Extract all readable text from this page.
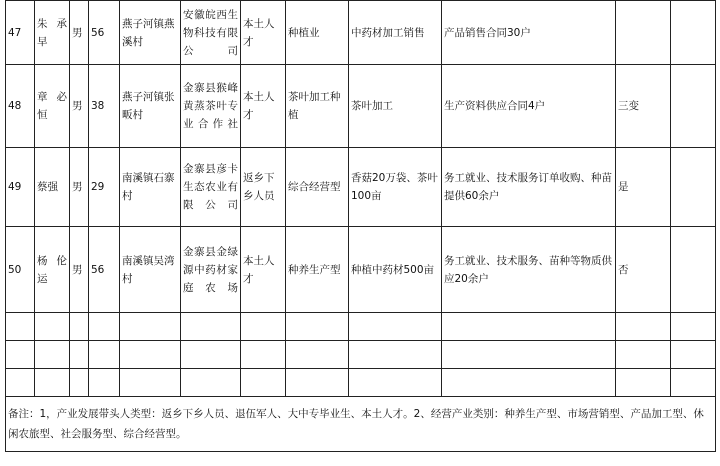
47	朱 承 早	男	56	燕子河镇燕溪村	安徽皖西生物科技有限公司	本土人才	种植业	中药材加工销售	产品销售合同30户		
48	章 必 恒	男	38	燕子河镇张畈村	金寨县猴峰黄蒸茶叶专业合作社	本土人才	茶叶加工种植	茶叶加工	生产资料供应合同4户	三变	
49	蔡强	男	29	南溪镇石寨村	金寨县彦卡生态农业有限公司	返乡下乡人员	综合经营型	香菇20万袋、茶叶100亩	务工就业、技术服务订单收购、种苗提供60余户	是	
50	杨 伦 运	男	56	南溪镇吴湾村	金寨县金绿源中药材家庭农场	本土人才	种养生产型	种植中药材500亩	务工就业、技术服务、苗种等物质供应20余户	否	

备注：1，产业发展带头人类型：返乡下乡人员、退伍军人、大中专毕业生、本土人才。2、经营产业类别：种养生产型、市场营销型、产品加工型、休闲农旅型、社会服务型、综合经营型。											
